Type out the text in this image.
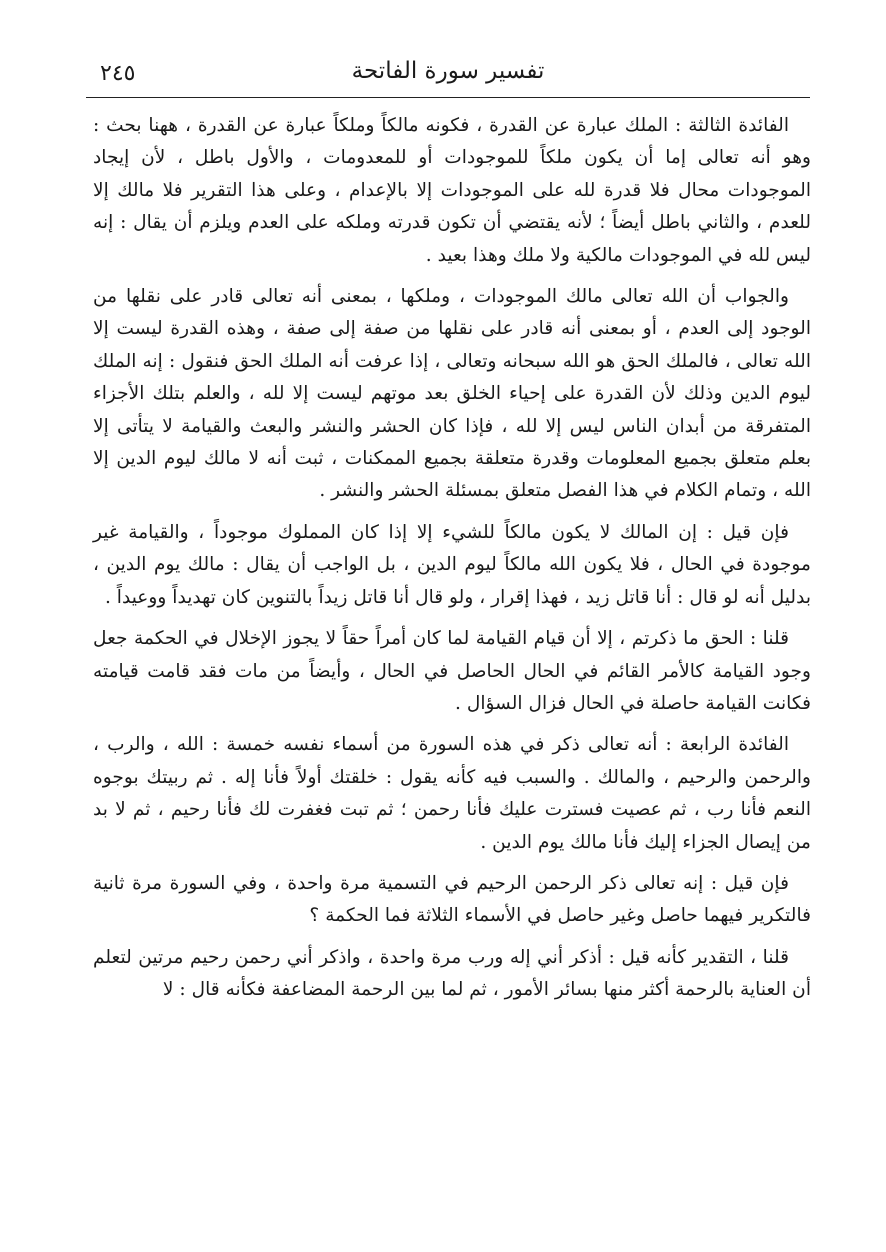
تفسير سورة الفاتحة
٢٤٥

الفائدة الثالثة : الملك عبارة عن القدرة ، فكونه مالكاً وملكاً عبارة عن القدرة ، ههنا بحث : وهو أنه تعالى إما أن يكون ملكاً للموجودات أو للمعدومات ، والأول باطل ، لأن إيجاد الموجودات محال فلا قدرة لله على الموجودات إلا بالإعدام ، وعلى هذا التقرير فلا مالك إلا للعدم ، والثاني باطل أيضاً ؛ لأنه يقتضي أن تكون قدرته وملكه على العدم ويلزم أن يقال : إنه ليس لله في الموجودات مالكية ولا ملك وهذا بعيد .

والجواب أن الله تعالى مالك الموجودات ، وملكها ، بمعنى أنه تعالى قادر على نقلها من الوجود إلى العدم ، أو بمعنى أنه قادر على نقلها من صفة إلى صفة ، وهذه القدرة ليست إلا الله تعالى ، فالملك الحق هو الله سبحانه وتعالى ، إذا عرفت أنه الملك الحق فنقول : إنه الملك ليوم الدين وذلك لأن القدرة على إحياء الخلق بعد موتهم ليست إلا لله ، والعلم بتلك الأجزاء المتفرقة من أبدان الناس ليس إلا لله ، فإذا كان الحشر والنشر والبعث والقيامة لا يتأتى إلا بعلم متعلق بجميع المعلومات وقدرة متعلقة بجميع الممكنات ، ثبت أنه لا مالك ليوم الدين إلا الله ، وتمام الكلام في هذا الفصل متعلق بمسئلة الحشر والنشر .

فإن قيل : إن المالك لا يكون مالكاً للشيء إلا إذا كان المملوك موجوداً ، والقيامة غير موجودة في الحال ، فلا يكون الله مالكاً ليوم الدين ، بل الواجب أن يقال : مالك يوم الدين ، بدليل أنه لو قال : أنا قاتل زيد ، فهذا إقرار ، ولو قال أنا قاتل زيداً بالتنوين كان تهديداً ووعيداً .

قلنا : الحق ما ذكرتم ، إلا أن قيام القيامة لما كان أمراً حقاً لا يجوز الإخلال في الحكمة جعل وجود القيامة كالأمر القائم في الحال الحاصل في الحال ، وأيضاً من مات فقد قامت قيامته فكانت القيامة حاصلة في الحال فزال السؤال .

الفائدة الرابعة : أنه تعالى ذكر في هذه السورة من أسماء نفسه خمسة : الله ، والرب ، والرحمن والرحيم ، والمالك . والسبب فيه كأنه يقول : خلقتك أولاً فأنا إله . ثم ربيتك بوجوه النعم فأنا رب ، ثم عصيت فسترت عليك فأنا رحمن ؛ ثم تبت فغفرت لك فأنا رحيم ، ثم لا بد من إيصال الجزاء إليك فأنا مالك يوم الدين .

فإن قيل : إنه تعالى ذكر الرحمن الرحيم في التسمية مرة واحدة ، وفي السورة مرة ثانية فالتكرير فيهما حاصل وغير حاصل في الأسماء الثلاثة فما الحكمة ؟

قلنا ، التقدير كأنه قيل : أذكر أني إله ورب مرة واحدة ، واذكر أني رحمن رحيم مرتين لتعلم أن العناية بالرحمة أكثر منها بسائر الأمور ، ثم لما بين الرحمة المضاعفة فكأنه قال : لا
